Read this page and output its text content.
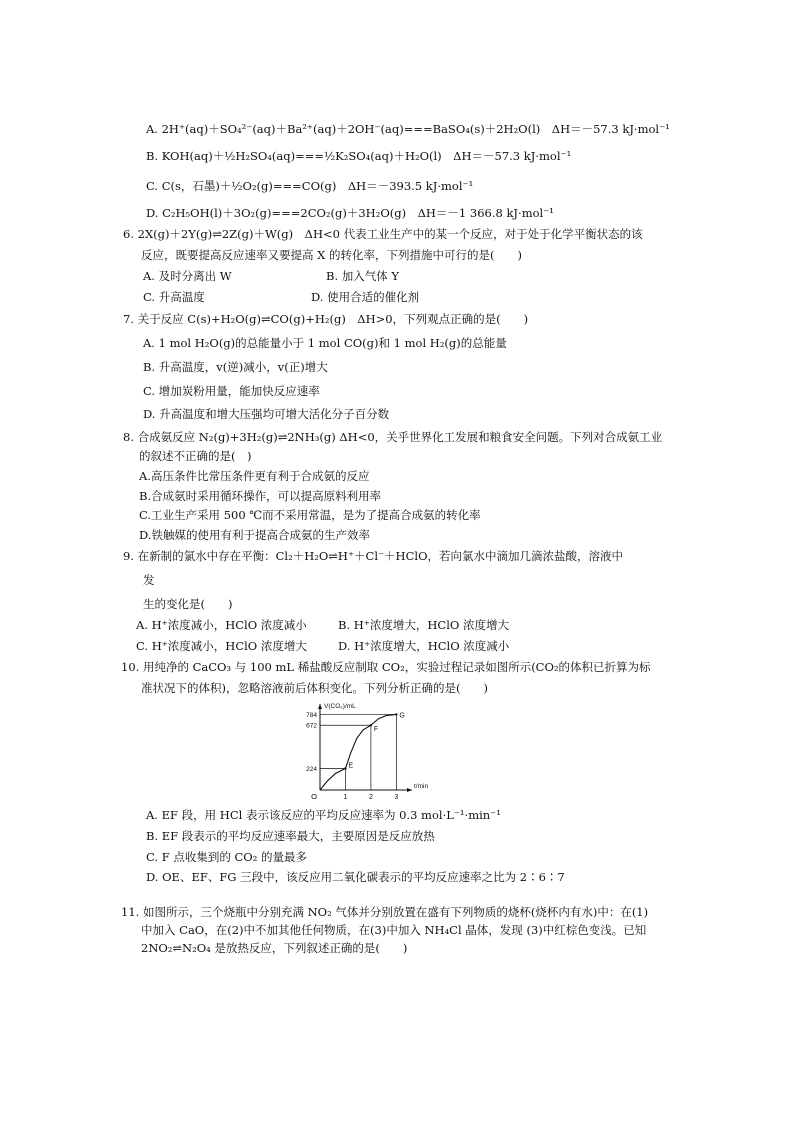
A. 2H⁺(aq)＋SO₄²⁻(aq)＋Ba²⁺(aq)＋2OH⁻(aq)===BaSO₄(s)＋2H₂O(l)　ΔH＝－57.3 kJ·mol⁻¹
B. KOH(aq)＋½H₂SO₄(aq)===½K₂SO₄(aq)＋H₂O(l)　ΔH＝－57.3 kJ·mol⁻¹
C. C(s，石墨)＋½O₂(g)===CO(g)　ΔH＝－393.5 kJ·mol⁻¹
D. C₂H₅OH(l)＋3O₂(g)===2CO₂(g)＋3H₂O(g)　ΔH＝－1 366.8 kJ·mol⁻¹
6. 2X(g)＋2Y(g)⇌2Z(g)＋W(g)　ΔH<0 代表工业生产中的某一个反应，对于处于化学平衡状态的该
反应，既要提高反应速率又要提高 X 的转化率，下列措施中可行的是(　　)
A. 及时分离出 W	B. 加入气体 Y
C. 升高温度	D. 使用合适的催化剂
7. 关于反应 C(s)+H₂O(g)⇌CO(g)+H₂(g)　ΔH>0，下列观点正确的是(　　)
A. 1 mol H₂O(g)的总能量小于 1 mol CO(g)和 1 mol H₂(g)的总能量
B. 升高温度，v(逆)减小，v(正)增大
C. 增加炭粉用量，能加快反应速率
D. 升高温度和增大压强均可增大活化分子百分数
8. 合成氨反应 N₂(g)+3H₂(g)⇌2NH₃(g) ΔH<0，关乎世界化工发展和粮食安全问题。下列对合成氨工业
的叙述不正确的是(　)
A.高压条件比常压条件更有利于合成氨的反应
B.合成氨时采用循环操作，可以提高原料利用率
C.工业生产采用 500 ℃而不采用常温，是为了提高合成氨的转化率
D.铁触媒的使用有利于提高合成氨的生产效率
9. 在新制的氯水中存在平衡：Cl₂＋H₂O⇌H⁺＋Cl⁻＋HClO，若向氯水中滴加几滴浓盐酸，溶液中
发
生的变化是(　　)
A. H⁺浓度减小，HClO 浓度减小	B. H⁺浓度增大，HClO 浓度增大
C. H⁺浓度减小，HClO 浓度增大	D. H⁺浓度增大，HClO 浓度减小
10. 用纯净的 CaCO₃ 与 100 mL 稀盐酸反应制取 CO₂，实验过程记录如图所示(CO₂的体积已折算为标
准状况下的体积)，忽略溶液前后体积变化。下列分析正确的是(　　)
V(CO₂)/mL
t/min
O
224
672
784
1	2	3
E
F
G
A. EF 段，用 HCl 表示该反应的平均反应速率为 0.3 mol·L⁻¹·min⁻¹
B. EF 段表示的平均反应速率最大，主要原因是反应放热
C. F 点收集到的 CO₂ 的量最多
D. OE、EF、FG 三段中，该反应用二氧化碳表示的平均反应速率之比为 2∶6∶7
11. 如图所示，三个烧瓶中分别充满 NO₂ 气体并分别放置在盛有下列物质的烧杯(烧杯内有水)中：在(1)
中加入 CaO，在(2)中不加其他任何物质，在(3)中加入 NH₄Cl 晶体，发现 (3)中红棕色变浅。已知
2NO₂⇌N₂O₄ 是放热反应，下列叙述正确的是(　　)
